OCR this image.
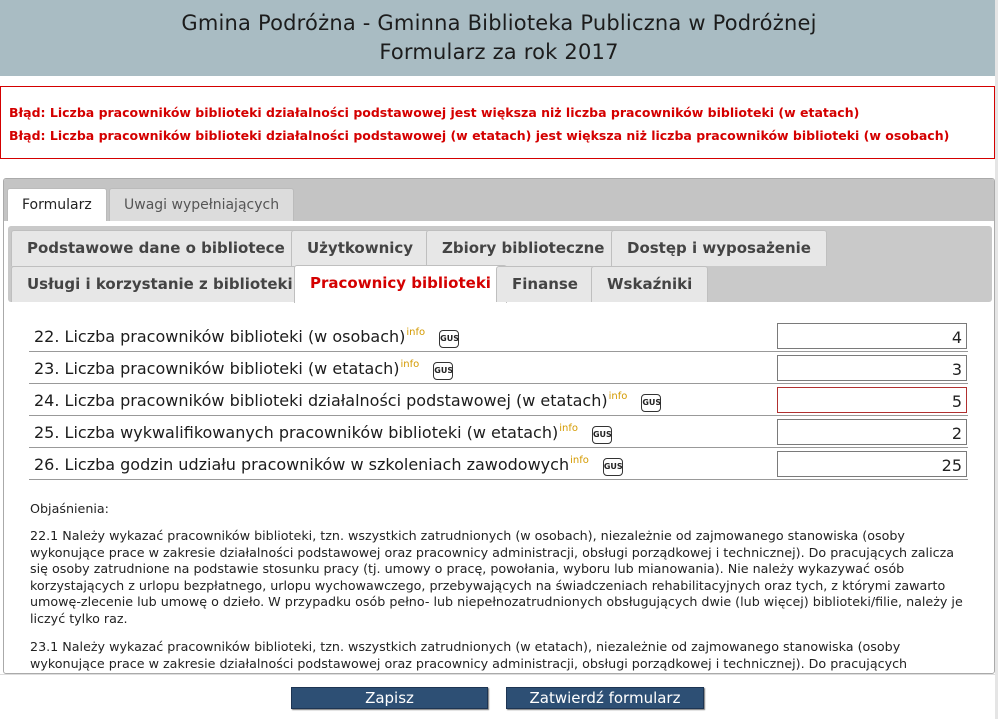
Gmina Podróżna - Gminna Biblioteka Publiczna w Podróżnej
Formularz za rok 2017
Błąd: Liczba pracowników biblioteki działalności podstawowej jest większa niż liczba pracowników biblioteki (w etatach)
Błąd: Liczba pracowników biblioteki działalności podstawowej (w etatach) jest większa niż liczba pracowników biblioteki (w osobach)
Formularz	Uwagi wypełniających
Podstawowe dane o bibliotece	Użytkownicy	Zbiory biblioteczne	Dostęp i wyposażenie
Usługi i korzystanie z biblioteki	Pracownicy biblioteki	Finanse	Wskaźniki
22. Liczba pracowników biblioteki (w osobach)$^{info}$GUS	4
23. Liczba pracowników biblioteki (w etatach)$^{info}$GUS	3
24. Liczba pracowników biblioteki działalności podstawowej (w etatach)$^{info}$GUS	5
25. Liczba wykwalifikowanych pracowników biblioteki (w etatach)$^{info}$GUS	2
26. Liczba godzin udziału pracowników w szkoleniach zawodowych$^{info}$GUS	25
Objaśnienia:
22.1 Należy wykazać pracowników biblioteki, tzn. wszystkich zatrudnionych (w osobach), niezależnie od zajmowanego stanowiska (osoby wykonujące prace w zakresie działalności podstawowej oraz pracownicy administracji, obsługi porządkowej i technicznej). Do pracujących zalicza się osoby zatrudnione na podstawie stosunku pracy (tj. umowy o pracę, powołania, wyboru lub mianowania). Nie należy wykazywać osób korzystających z urlopu bezpłatnego, urlopu wychowawczego, przebywających na świadczeniach rehabilitacyjnych oraz tych, z którymi zawarto umowę-zlecenie lub umowę o dzieło. W przypadku osób pełno- lub niepełnozatrudnionych obsługujących dwie (lub więcej) biblioteki/filie, należy je liczyć tylko raz.
23.1 Należy wykazać pracowników biblioteki, tzn. wszystkich zatrudnionych (w etatach), niezależnie od zajmowanego stanowiska (osoby wykonujące prace w zakresie działalności podstawowej oraz pracownicy administracji, obsługi porządkowej i technicznej). Do pracujących
Zapisz	Zatwierdź formularz
